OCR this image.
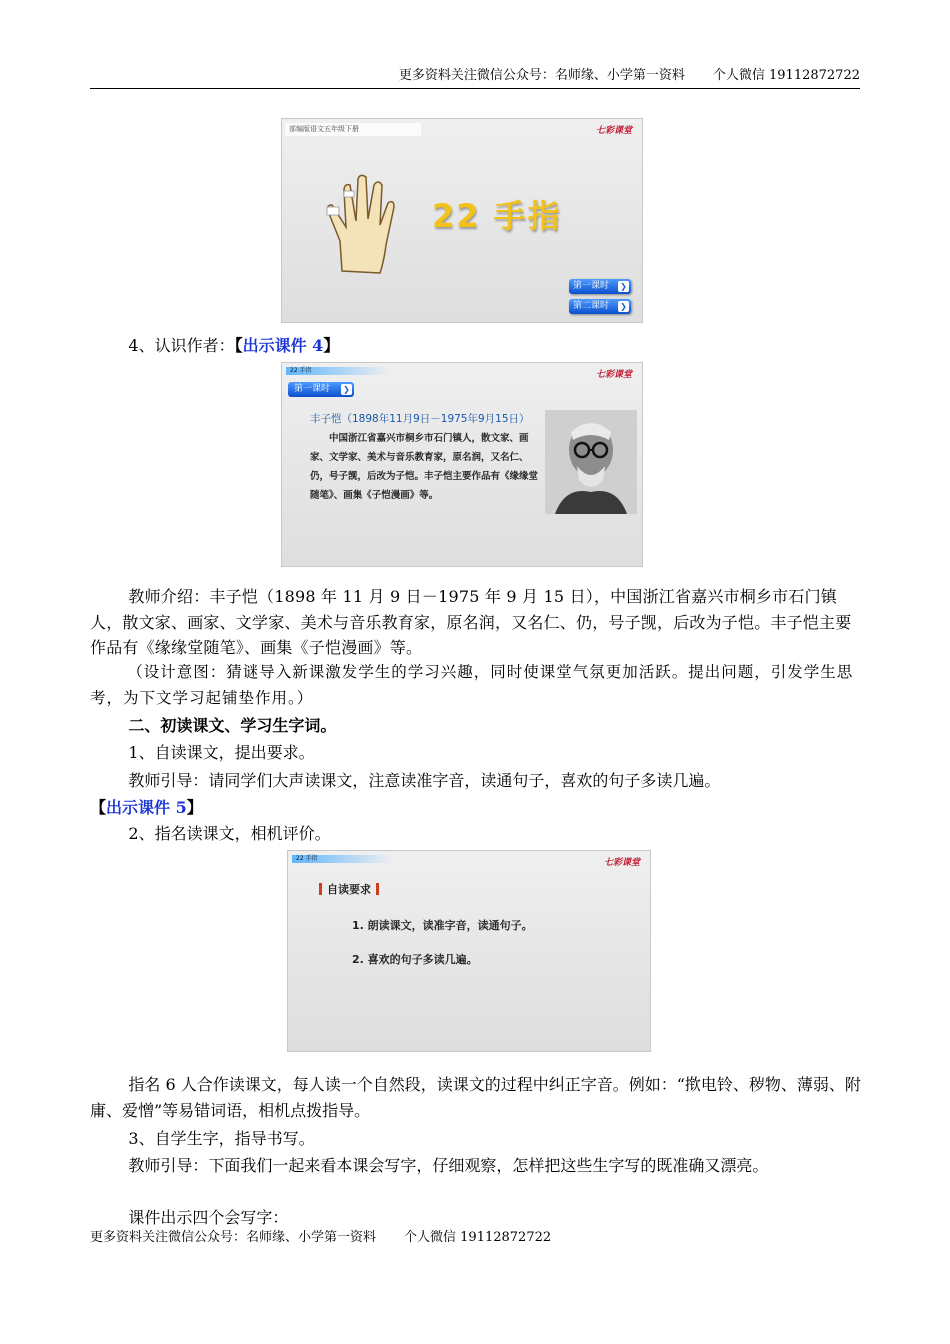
更多资料关注微信公众号：名师缘、小学第一资料 个人微信 19112872722
部编版语文五年级下册	七彩课堂
22 手指
第一课时 ❯
第二课时 ❯
4、认识作者：【出示课件 4】
22 手指	七彩课堂
第一课时 ❯
丰子恺（1898年11月9日－1975年9月15日）
中国浙江省嘉兴市桐乡市石门镇人，散文家、画家、文学家、美术与音乐教育家，原名润，又名仁、仍，号子觊，后改为子恺。丰子恺主要作品有《缘缘堂随笔》、画集《子恺漫画》等。
教师介绍：丰子恺（1898 年 11 月 9 日－1975 年 9 月 15 日），中国浙江省嘉兴市桐乡市石门镇人，散文家、画家、文学家、美术与音乐教育家，原名润，又名仁、仍，号子觊，后改为子恺。丰子恺主要作品有《缘缘堂随笔》、画集《子恺漫画》等。
（设计意图：猜谜导入新课激发学生的学习兴趣，同时使课堂气氛更加活跃。提出问题，引发学生思考，为下文学习起铺垫作用。）
二、初读课文、学习生字词。
1、自读课文，提出要求。
教师引导：请同学们大声读课文，注意读准字音，读通句子，喜欢的句子多读几遍。
【出示课件 5】
2、指名读课文，相机评价。
22 手指	七彩课堂
自读要求
1. 朗读课文，读准字音，读通句子。
2. 喜欢的句子多读几遍。
指名 6 人合作读课文，每人读一个自然段，读课文的过程中纠正字音。例如：“揿电铃、秽物、薄弱、附庸、爱憎”等易错词语，相机点拨指导。
3、自学生字，指导书写。
教师引导：下面我们一起来看本课会写字，仔细观察，怎样把这些生字写的既准确又漂亮。
课件出示四个会写字：
更多资料关注微信公众号：名师缘、小学第一资料 个人微信 19112872722
